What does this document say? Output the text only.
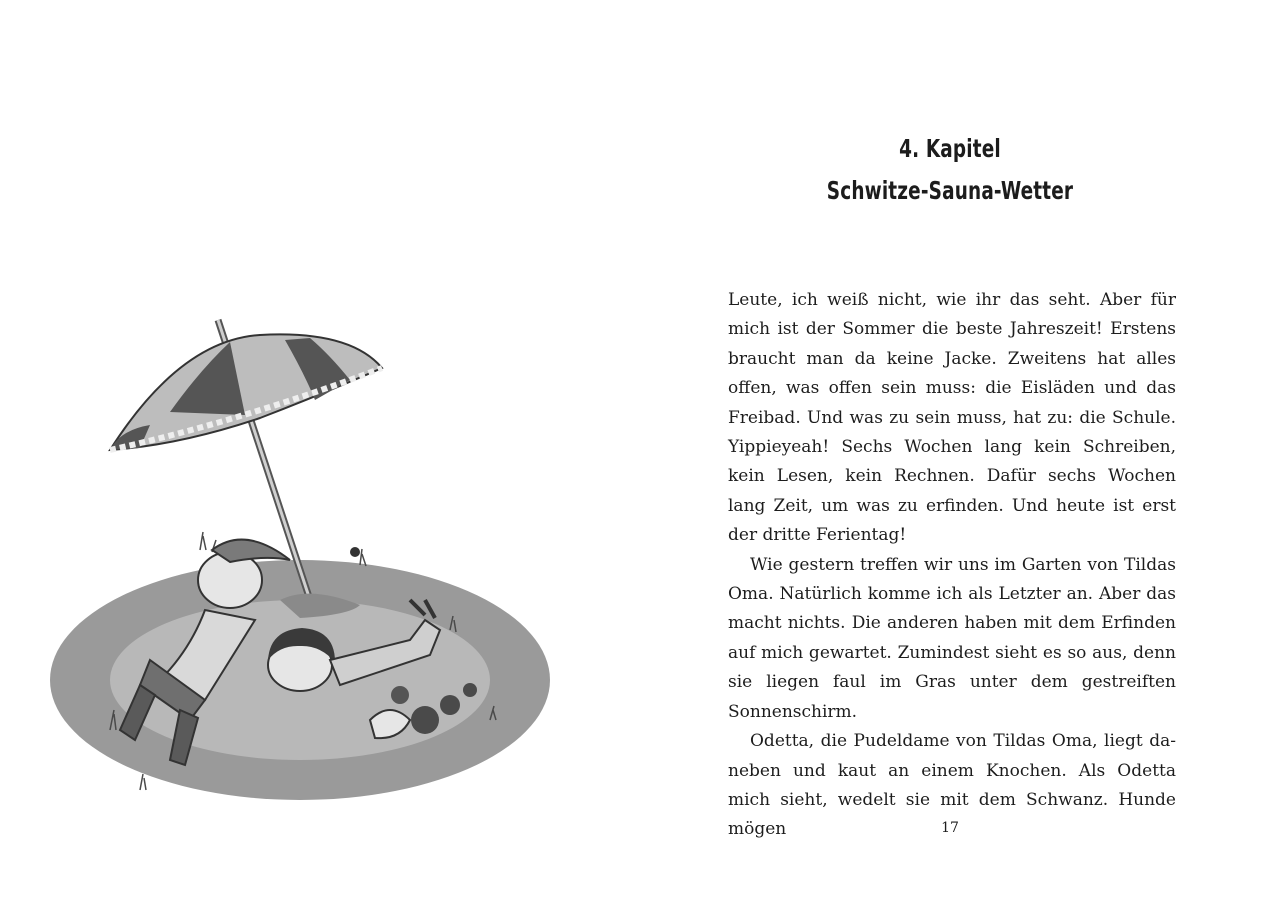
4. Kapitel
Schwitze-Sauna-Wetter

Leute, ich weiß nicht, wie ihr das seht. Aber für mich ist der Sommer die beste Jahreszeit! Erstens braucht man da keine Jacke. Zweitens hat alles offen, was offen sein muss: die Eisläden und das Freibad. Und was zu sein muss, hat zu: die Schule. Yippieyeah! Sechs Wochen lang kein Schreiben, kein Lesen, kein Rechnen. Dafür sechs Wochen lang Zeit, um was zu erfinden. Und heute ist erst der dritte Ferientag!

Wie gestern treffen wir uns im Garten von Tildas Oma. Natürlich komme ich als Letzter an. Aber das macht nichts. Die anderen haben mit dem Erfinden auf mich gewartet. Zumindest sieht es so aus, denn sie liegen faul im Gras unter dem gestreiften Sonnenschirm.

Odetta, die Pudeldame von Tildas Oma, liegt daneben und kaut an einem Knochen. Als Odetta mich sieht, wedelt sie mit dem Schwanz. Hunde mögen	17
